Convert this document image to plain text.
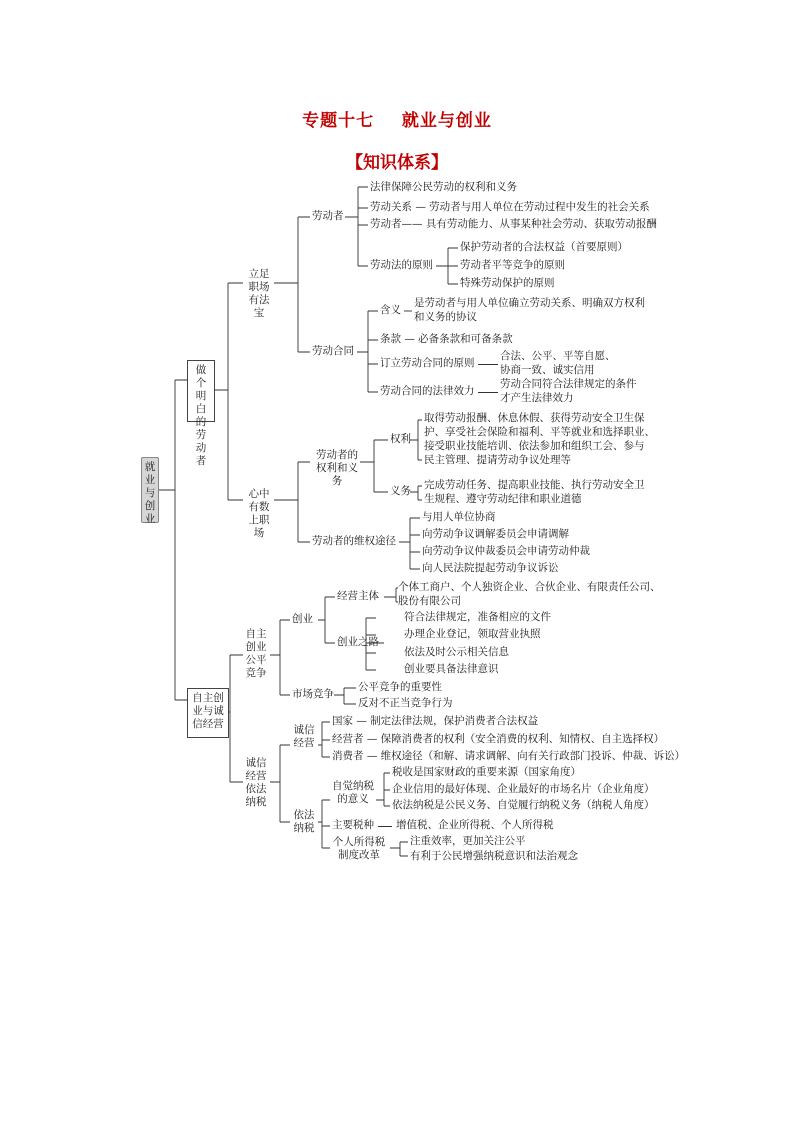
专题十七    就业与创业
【知识体系】
就业与创业
做个明白的劳动者
自主创业与诚信经营
立足职场有法宝
心中有数上职场
劳动者
法律保障公民劳动的权利和义务
劳动关系 — 劳动者与用人单位在劳动过程中发生的社会关系
劳动者—— 具有劳动能力、从事某种社会劳动、获取劳动报酬
劳动法的原则
保护劳动者的合法权益（首要原则）
劳动者平等竞争的原则
特殊劳动保护的原则
劳动合同
含义
是劳动者与用人单位确立劳动关系、明确双方权利
和义务的协议
条款 — 必备条款和可备条款
订立劳动合同的原则
合法、公平、平等自愿、
协商一致、诚实信用
劳动合同的法律效力
劳动合同符合法律规定的条件
才产生法律效力
劳动者的权利和义务
权利
取得劳动报酬、休息休假、获得劳动安全卫生保
护、享受社会保险和福利、平等就业和选择职业、
接受职业技能培训、依法参加和组织工会、参与
民主管理、提请劳动争议处理等
义务 完成劳动任务、提高职业技能、执行劳动安全卫
生规程、遵守劳动纪律和职业道德
劳动者的维权途径
与用人单位协商
向劳动争议调解委员会申请调解
向劳动争议仲裁委员会申请劳动仲裁
向人民法院提起劳动争议诉讼
自主创业公平竞争
创业
经营主体
个体工商户、个人独资企业、合伙企业、有限责任公司、
股份有限公司
创业之路
符合法律规定，准备相应的文件
办理企业登记，领取营业执照
依法及时公示相关信息
创业要具备法律意识
市场竞争
公平竞争的重要性
反对不正当竞争行为
诚信经营依法纳税
诚信经营
国家 — 制定法律法规，保护消费者合法权益
经营者 — 保障消费者的权利（安全消费的权利、知情权、自主选择权）
消费者 — 维权途径（和解、请求调解、向有关行政部门投诉、仲裁、诉讼）
依法纳税
自觉纳税的意义
税收是国家财政的重要来源（国家角度）
企业信用的最好体现、企业最好的市场名片（企业角度）
依法纳税是公民义务、自觉履行纳税义务（纳税人角度）
主要税种 增值税、企业所得税、个人所得税
个人所得税制度改革
注重效率，更加关注公平
有利于公民增强纳税意识和法治观念
